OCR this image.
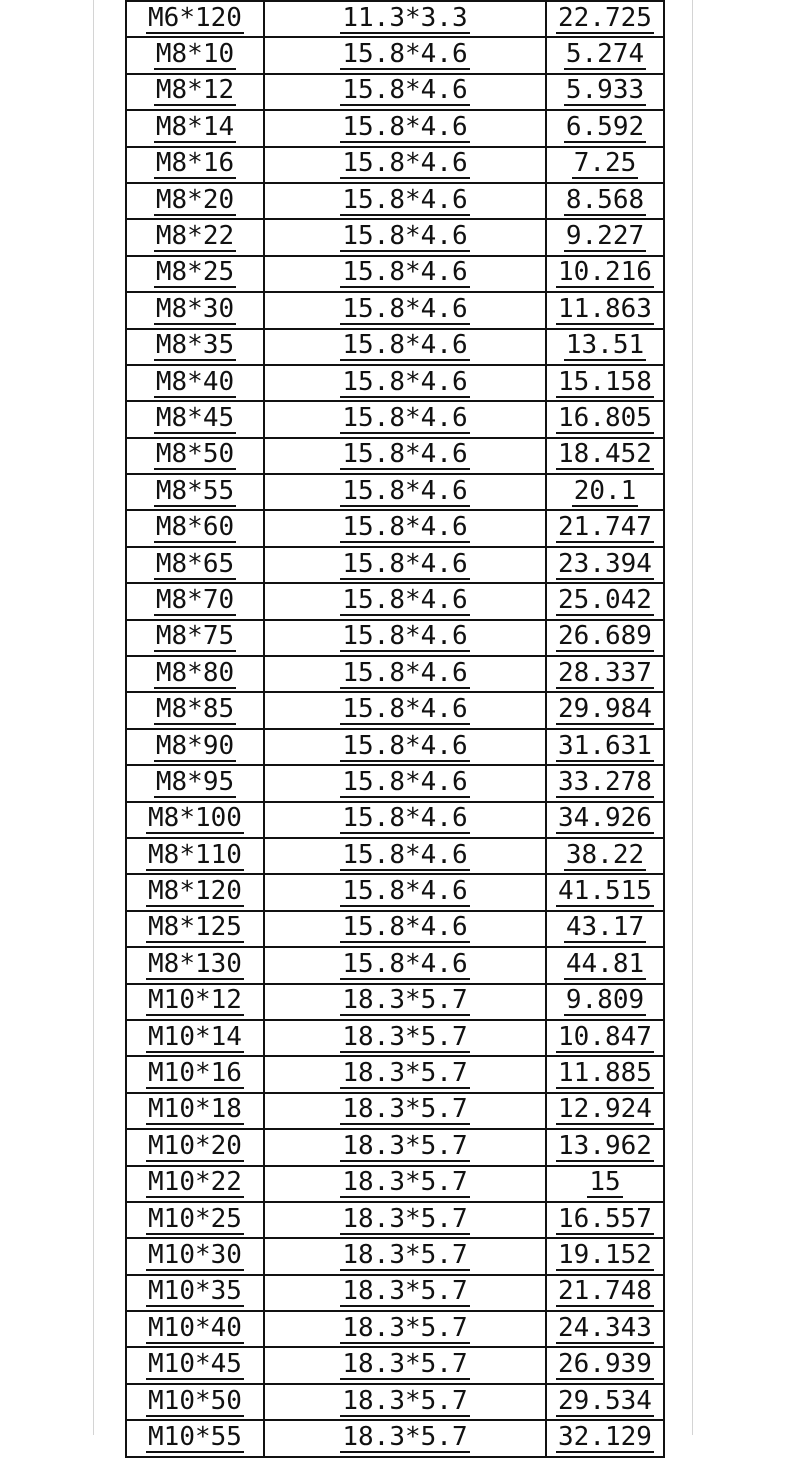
M6*120	11.3*3.3	22.725
M8*10	15.8*4.6	5.274
M8*12	15.8*4.6	5.933
M8*14	15.8*4.6	6.592
M8*16	15.8*4.6	7.25
M8*20	15.8*4.6	8.568
M8*22	15.8*4.6	9.227
M8*25	15.8*4.6	10.216
M8*30	15.8*4.6	11.863
M8*35	15.8*4.6	13.51
M8*40	15.8*4.6	15.158
M8*45	15.8*4.6	16.805
M8*50	15.8*4.6	18.452
M8*55	15.8*4.6	20.1
M8*60	15.8*4.6	21.747
M8*65	15.8*4.6	23.394
M8*70	15.8*4.6	25.042
M8*75	15.8*4.6	26.689
M8*80	15.8*4.6	28.337
M8*85	15.8*4.6	29.984
M8*90	15.8*4.6	31.631
M8*95	15.8*4.6	33.278
M8*100	15.8*4.6	34.926
M8*110	15.8*4.6	38.22
M8*120	15.8*4.6	41.515
M8*125	15.8*4.6	43.17
M8*130	15.8*4.6	44.81
M10*12	18.3*5.7	9.809
M10*14	18.3*5.7	10.847
M10*16	18.3*5.7	11.885
M10*18	18.3*5.7	12.924
M10*20	18.3*5.7	13.962
M10*22	18.3*5.7	15
M10*25	18.3*5.7	16.557
M10*30	18.3*5.7	19.152
M10*35	18.3*5.7	21.748
M10*40	18.3*5.7	24.343
M10*45	18.3*5.7	26.939
M10*50	18.3*5.7	29.534
M10*55	18.3*5.7	32.129
